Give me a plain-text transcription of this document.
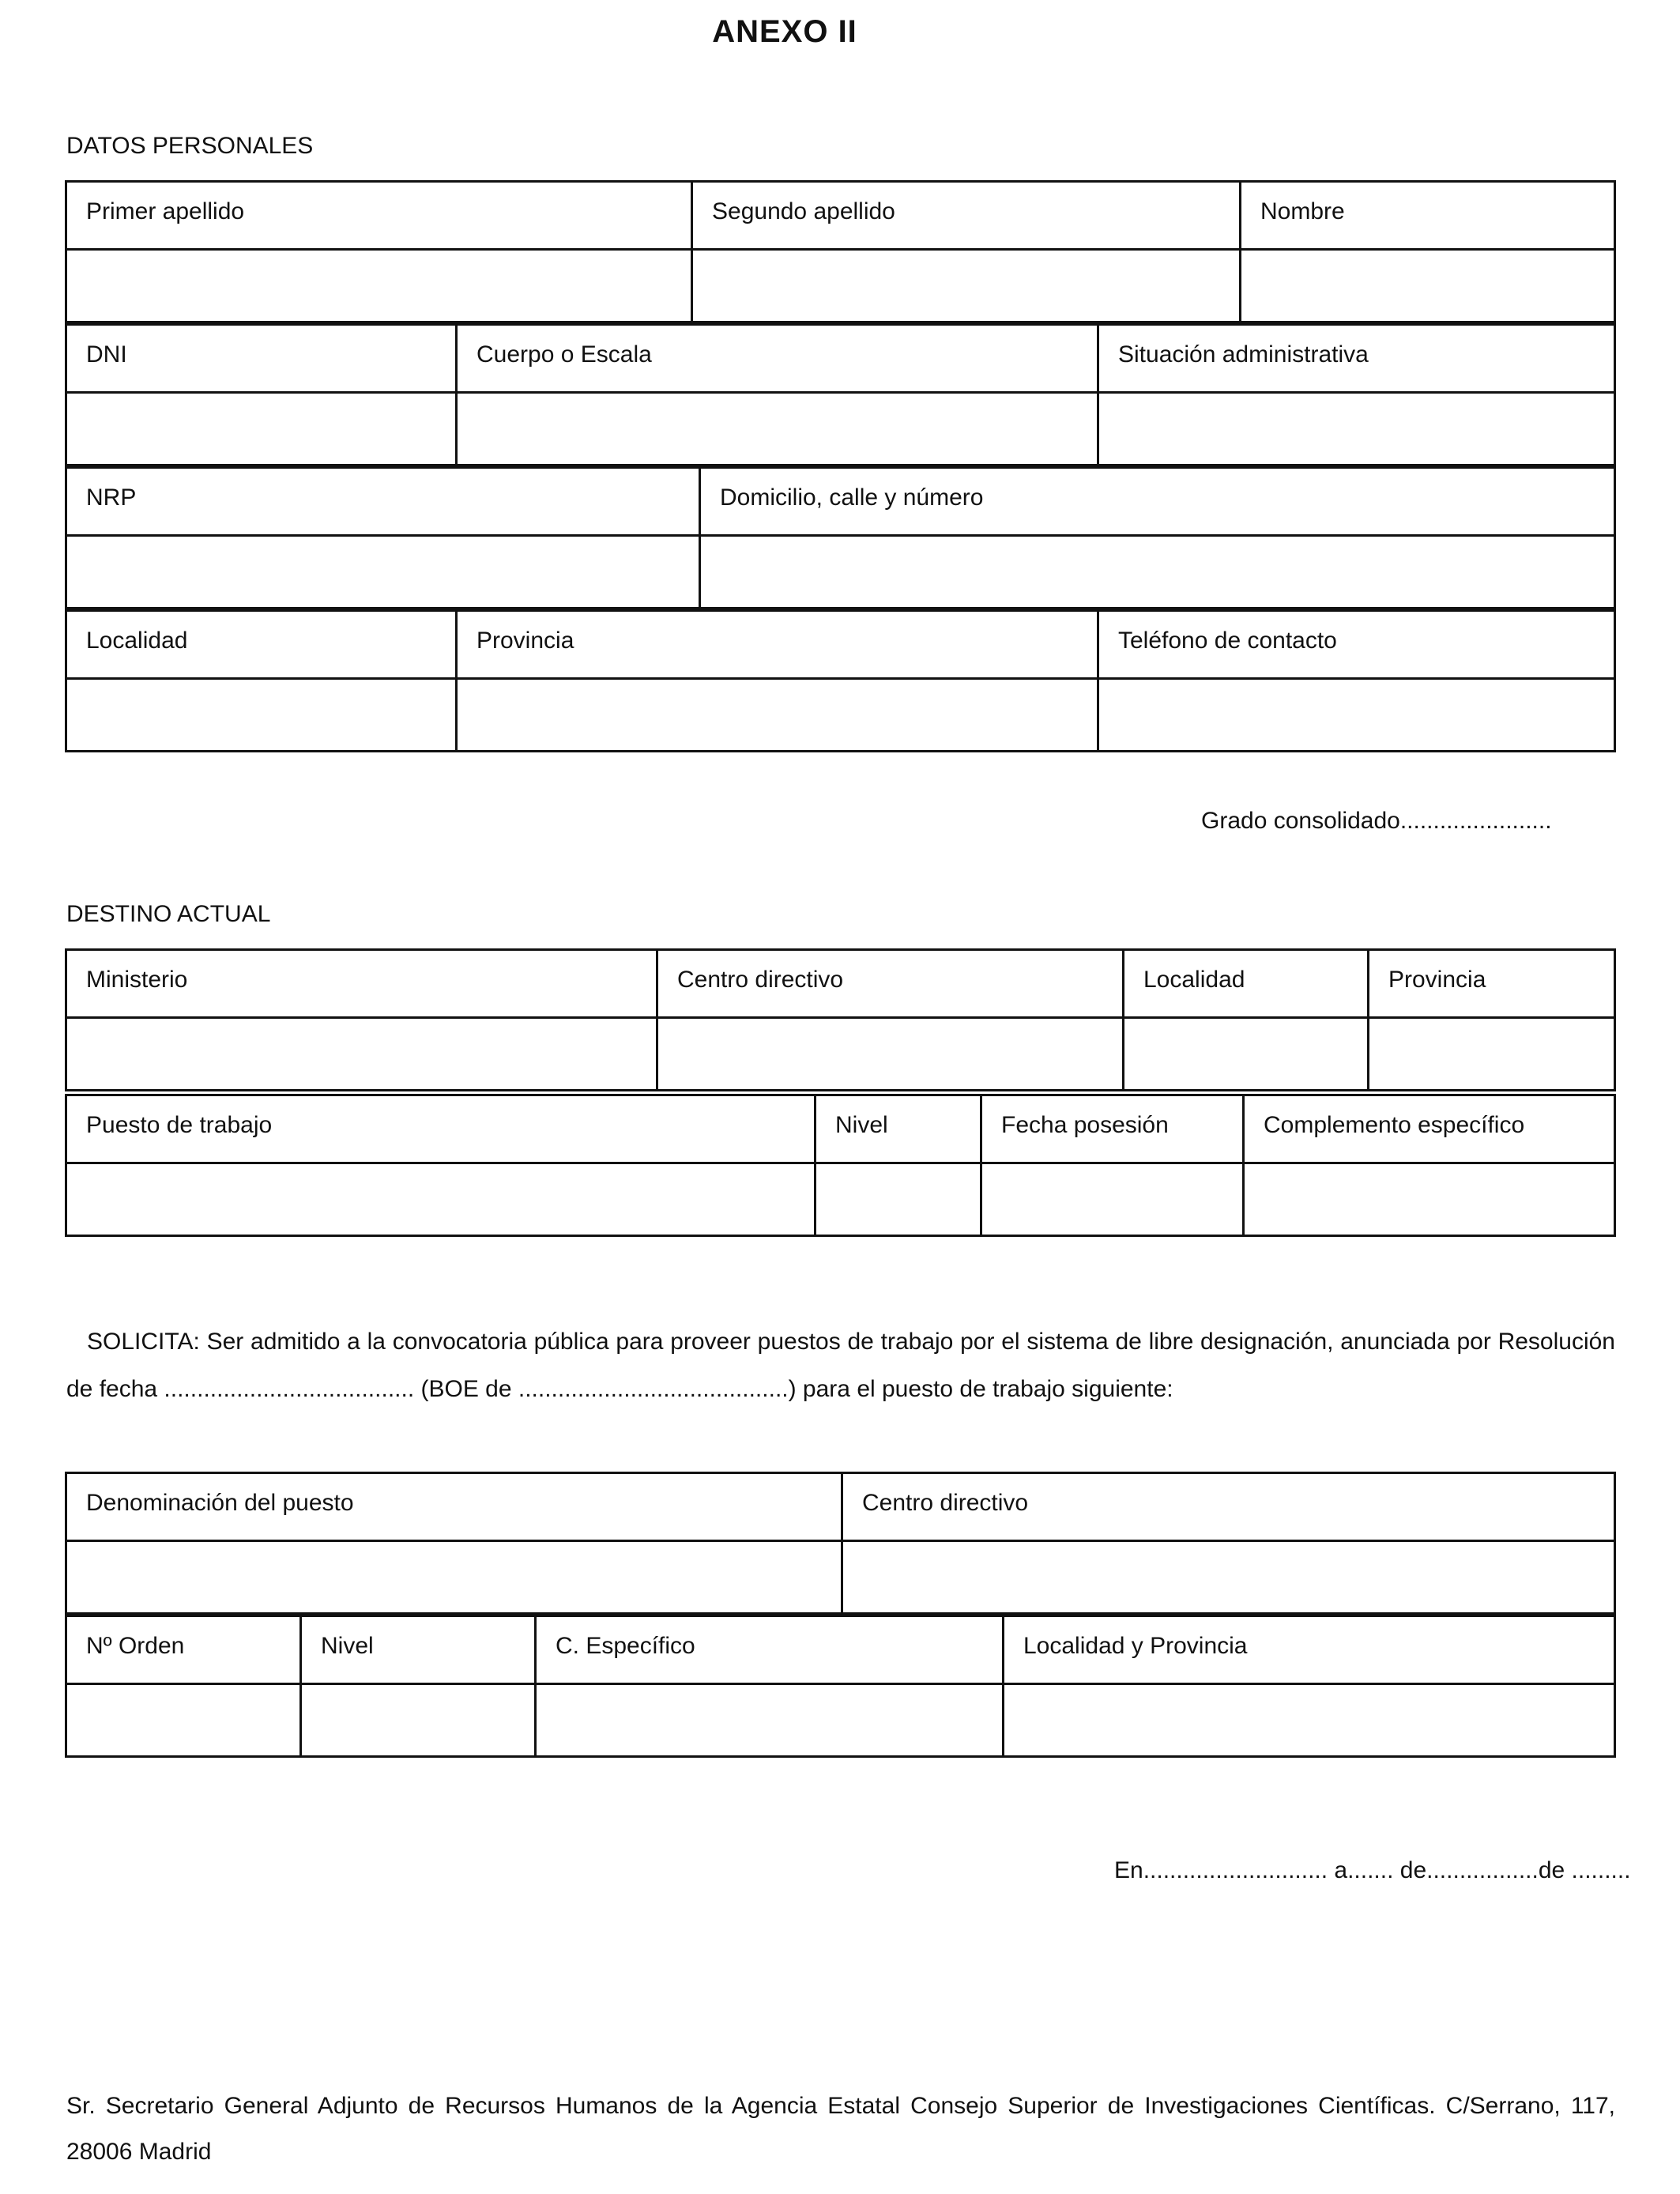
ANEXO II
DATOS PERSONALES
Primer apellido	Segundo apellido	Nombre

DNI	Cuerpo o Escala	Situación administrativa

NRP	Domicilio, calle y número

Localidad	Provincia	Teléfono de contacto

Grado consolidado.......................
DESTINO ACTUAL
Ministerio	Centro directivo	Localidad	Provincia

Puesto de trabajo	Nivel	Fecha posesión	Complemento específico

SOLICITA: Ser admitido a la convocatoria pública para proveer puestos de trabajo por el sistema de libre designación, anunciada por Resolución de fecha ...................................... (BOE de .........................................) para el puesto de trabajo siguiente:
Denominación del puesto	Centro directivo

Nº Orden	Nivel	C. Específico	Localidad y Provincia

En............................ a....... de.................de .........
Sr. Secretario General Adjunto de Recursos Humanos de la Agencia Estatal Consejo Superior de Investigaciones Científicas. C/Serrano, 117, 28006 Madrid
